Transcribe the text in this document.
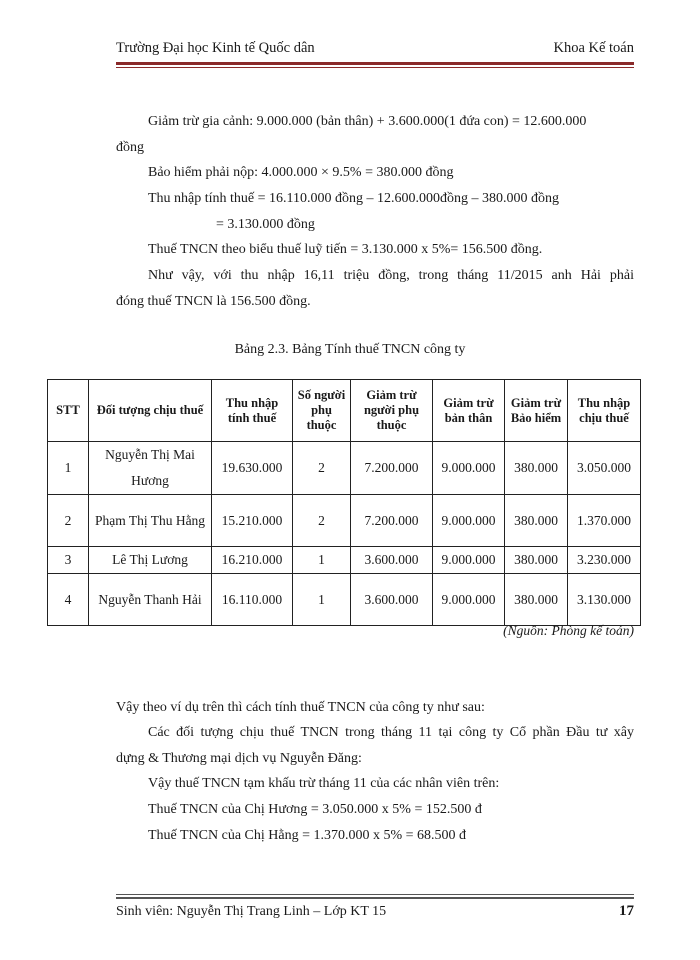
Trường Đại học Kinh tế Quốc dân	Khoa Kế toán
Giảm trừ gia cảnh: 9.000.000 (bản thân) + 3.600.000(1 đứa con) = 12.600.000
đồng
Bảo hiểm phải nộp: 4.000.000 × 9.5% = 380.000 đồng
Thu nhập tính thuế = 16.110.000 đồng – 12.600.000đồng – 380.000 đồng
= 3.130.000 đồng
Thuế TNCN theo biểu thuế luỹ tiến = 3.130.000 x 5%= 156.500 đồng.
Như vậy, với thu nhập 16,11 triệu đồng, trong tháng 11/2015 anh Hải phải
đóng thuế TNCN là 156.500 đồng.
Bảng 2.3. Bảng Tính thuế TNCN công ty
STT	Đối tượng chịu thuế	Thu nhập tính thuế	Số người phụ thuộc	Giảm trừ người phụ thuộc	Giảm trừ bản thân	Giảm trừ Bảo hiểm	Thu nhập chịu thuế
1	Nguyễn Thị Mai Hương	19.630.000	2	7.200.000	9.000.000	380.000	3.050.000
2	Phạm Thị Thu Hằng	15.210.000	2	7.200.000	9.000.000	380.000	1.370.000
3	Lê Thị Lương	16.210.000	1	3.600.000	9.000.000	380.000	3.230.000
4	Nguyễn Thanh Hải	16.110.000	1	3.600.000	9.000.000	380.000	3.130.000
(Nguồn: Phòng kế toán)
Vậy theo ví dụ trên thì cách tính thuế TNCN của công ty như sau:
Các đối tượng chịu thuế TNCN trong tháng 11 tại công ty Cổ phần Đầu tư xây
dựng & Thương mại dịch vụ Nguyễn Đăng:
Vậy thuế TNCN tạm khấu trừ tháng 11 của các nhân viên trên:
Thuế TNCN của Chị Hương = 3.050.000 x 5% = 152.500 đ
Thuế TNCN của Chị Hằng = 1.370.000 x 5% = 68.500 đ
Sinh viên: Nguyễn Thị Trang Linh – Lớp KT 15	17
